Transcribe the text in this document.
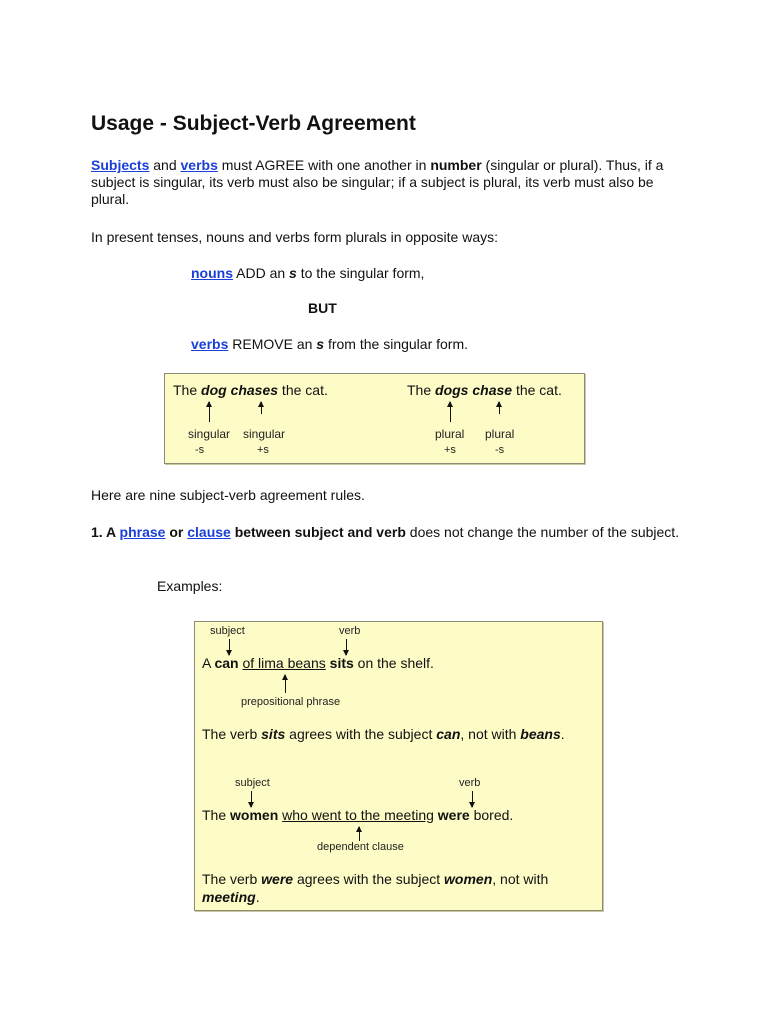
Usage - Subject-Verb Agreement
Subjects and verbs must AGREE with one another in number (singular or plural). Thus, if a subject is singular, its verb must also be singular; if a subject is plural, its verb must also be plural.
In present tenses, nouns and verbs form plurals in opposite ways:
nouns ADD an s to the singular form,
BUT
verbs REMOVE an s from the singular form.
The dog chases the cat.
singular singular
-s	+s
The dogs chase the cat.
plural plural
+s	-s
Here are nine subject-verb agreement rules.
1. A phrase or clause between subject and verb does not change the number of the subject.
Examples:
subject	verb
A can of lima beans sits on the shelf.
prepositional phrase
The verb sits agrees with the subject can, not with beans.
subject	verb
The women who went to the meeting were bored.
dependent clause
The verb were agrees with the subject women, not with meeting.
